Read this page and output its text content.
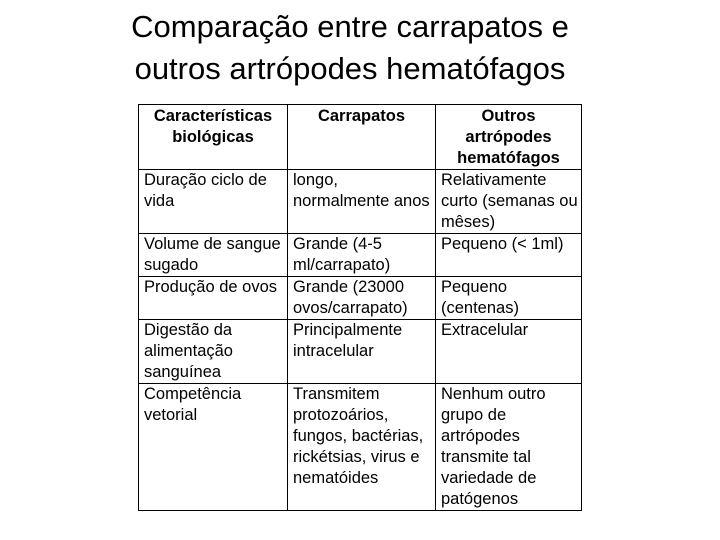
Comparação entre carrapatos e
outros artrópodes hematófagos
Características biológicas	Carrapatos	Outros artrópodes hematófagos
Duração ciclo de vida	longo, normalmente anos	Relativamente curto (semanas ou mêses)
Volume de sangue sugado	Grande (4-5 ml/carrapato)	Pequeno (< 1ml)
Produção de ovos	Grande (23000 ovos/carrapato)	Pequeno (centenas)
Digestão da alimentação sanguínea	Principalmente intracelular	Extracelular
Competência vetorial	Transmitem protozoários, fungos, bactérias, rickétsias, virus e nematóides	Nenhum outro grupo de artrópodes transmite tal variedade de patógenos
